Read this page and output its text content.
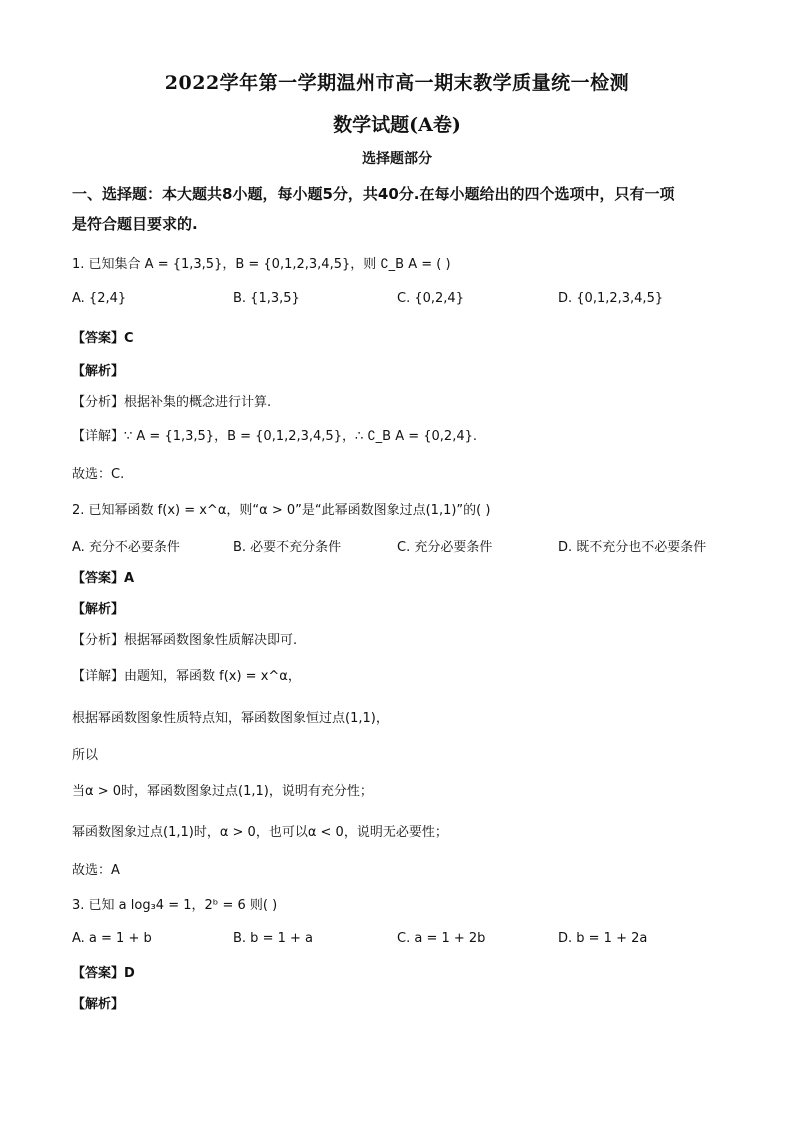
2022学年第一学期温州市高一期末教学质量统一检测
数学试题(A卷)
选择题部分
一、选择题：本大题共8小题，每小题5分，共40分.在每小题给出的四个选项中，只有一项
是符合题目要求的.
1. 已知集合 A = {1,3,5}，B = {0,1,2,3,4,5}，则 ∁_B A = ( )
A. {2,4}	B. {1,3,5}	C. {0,2,4}	D. {0,1,2,3,4,5}
【答案】C
【解析】
【分析】根据补集的概念进行计算.
【详解】∵ A = {1,3,5}，B = {0,1,2,3,4,5}，∴ ∁_B A = {0,2,4}.
故选：C.
2. 已知幂函数 f(x) = x^α，则“α > 0”是“此幂函数图象过点(1,1)”的( )
A. 充分不必要条件	B. 必要不充分条件	C. 充分必要条件	D. 既不充分也不必要条件
【答案】A
【解析】
【分析】根据幂函数图象性质解决即可.
【详解】由题知，幂函数 f(x) = x^α，
根据幂函数图象性质特点知，幂函数图象恒过点(1,1)，
所以
当α > 0时，幂函数图象过点(1,1)，说明有充分性；
幂函数图象过点(1,1)时，α > 0，也可以α < 0，说明无必要性；
故选：A
3. 已知 a log₃4 = 1，2ᵇ = 6 则( )
A. a = 1 + b	B. b = 1 + a	C. a = 1 + 2b	D. b = 1 + 2a
【答案】D
【解析】
